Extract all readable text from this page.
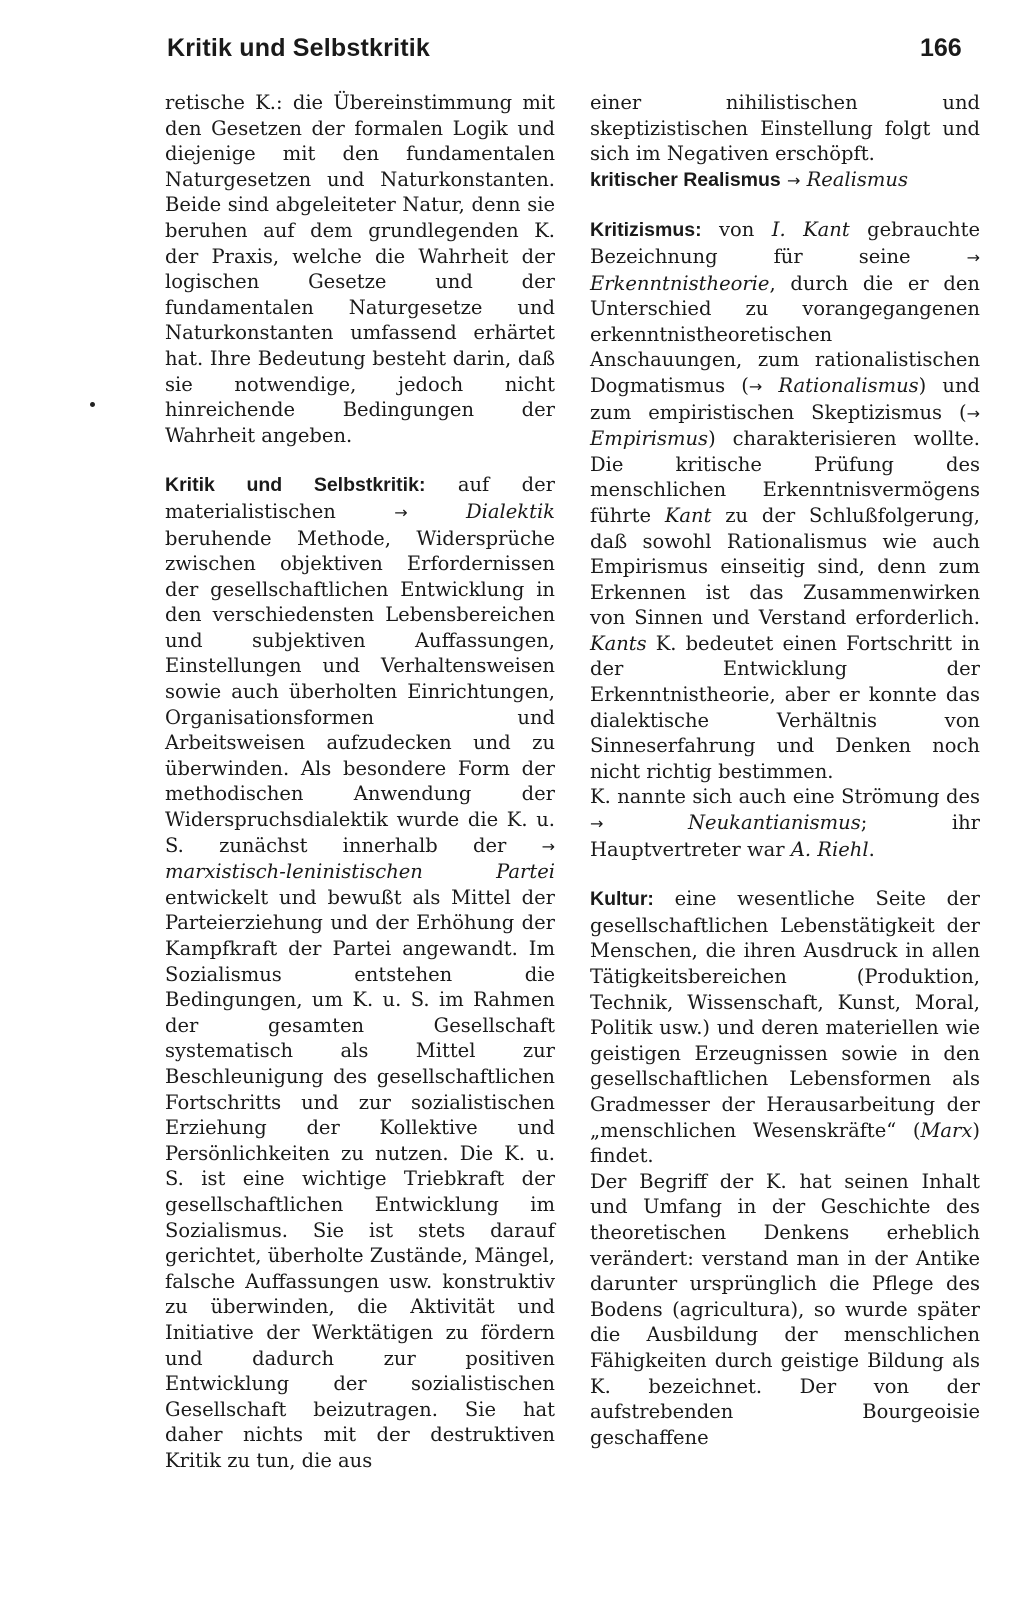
Kritik und Selbstkritik	166

retische K.: die Übereinstimmung mit den Gesetzen der formalen Logik und diejenige mit den fundamentalen Naturgesetzen und Naturkonstanten. Beide sind abgeleiteter Natur, denn sie beruhen auf dem grundlegenden K. der Praxis, welche die Wahrheit der logischen Gesetze und der fundamentalen Naturgesetze und Naturkonstanten umfassend erhärtet hat. Ihre Bedeutung besteht darin, daß sie notwendige, jedoch nicht hinreichende Bedingungen der Wahrheit angeben.

Kritik und Selbstkritik: auf der materialistischen → Dialektik beruhende Methode, Widersprüche zwischen objektiven Erfordernissen der gesellschaftlichen Entwicklung in den verschiedensten Lebensbereichen und subjektiven Auffassungen, Einstellungen und Verhaltensweisen sowie auch überholten Einrichtungen, Organisationsformen und Arbeitsweisen aufzudecken und zu überwinden. Als besondere Form der methodischen Anwendung der Widerspruchsdialektik wurde die K. u. S. zunächst innerhalb der → marxistisch-leninistischen Partei entwickelt und bewußt als Mittel der Parteierziehung und der Erhöhung der Kampfkraft der Partei angewandt. Im Sozialismus entstehen die Bedingungen, um K. u. S. im Rahmen der gesamten Gesellschaft systematisch als Mittel zur Beschleunigung des gesellschaftlichen Fortschritts und zur sozialistischen Erziehung der Kollektive und Persönlichkeiten zu nutzen. Die K. u. S. ist eine wichtige Triebkraft der gesellschaftlichen Entwicklung im Sozialismus. Sie ist stets darauf gerichtet, überholte Zustände, Mängel, falsche Auffassungen usw. konstruktiv zu überwinden, die Aktivität und Initiative der Werktätigen zu fördern und dadurch zur positiven Entwicklung der sozialistischen Gesellschaft beizutragen. Sie hat daher nichts mit der destruktiven Kritik zu tun, die aus

einer nihilistischen und skeptizistischen Einstellung folgt und sich im Negativen erschöpft.

kritischer Realismus → Realismus

Kritizismus: von I. Kant gebrauchte Bezeichnung für seine → Erkenntnistheorie, durch die er den Unterschied zu vorangegangenen erkenntnistheoretischen Anschauungen, zum rationalistischen Dogmatismus (→ Rationalismus) und zum empiristischen Skeptizismus (→ Empirismus) charakterisieren wollte. Die kritische Prüfung des menschlichen Erkenntnisvermögens führte Kant zu der Schlußfolgerung, daß sowohl Rationalismus wie auch Empirismus einseitig sind, denn zum Erkennen ist das Zusammenwirken von Sinnen und Verstand erforderlich. Kants K. bedeutet einen Fortschritt in der Entwicklung der Erkenntnistheorie, aber er konnte das dialektische Verhältnis von Sinneserfahrung und Denken noch nicht richtig bestimmen.

K. nannte sich auch eine Strömung des → Neukantianismus; ihr Hauptvertreter war A. Riehl.

Kultur: eine wesentliche Seite der gesellschaftlichen Lebenstätigkeit der Menschen, die ihren Ausdruck in allen Tätigkeitsbereichen (Produktion, Technik, Wissenschaft, Kunst, Moral, Politik usw.) und deren materiellen wie geistigen Erzeugnissen sowie in den gesellschaftlichen Lebensformen als Gradmesser der Herausarbeitung der „menschlichen Wesenskräfte“ (Marx) findet.

Der Begriff der K. hat seinen Inhalt und Umfang in der Geschichte des theoretischen Denkens erheblich verändert: verstand man in der Antike darunter ursprünglich die Pflege des Bodens (agricultura), so wurde später die Ausbildung der menschlichen Fähigkeiten durch geistige Bildung als K. bezeichnet. Der von der aufstrebenden Bourgeoisie geschaffene
